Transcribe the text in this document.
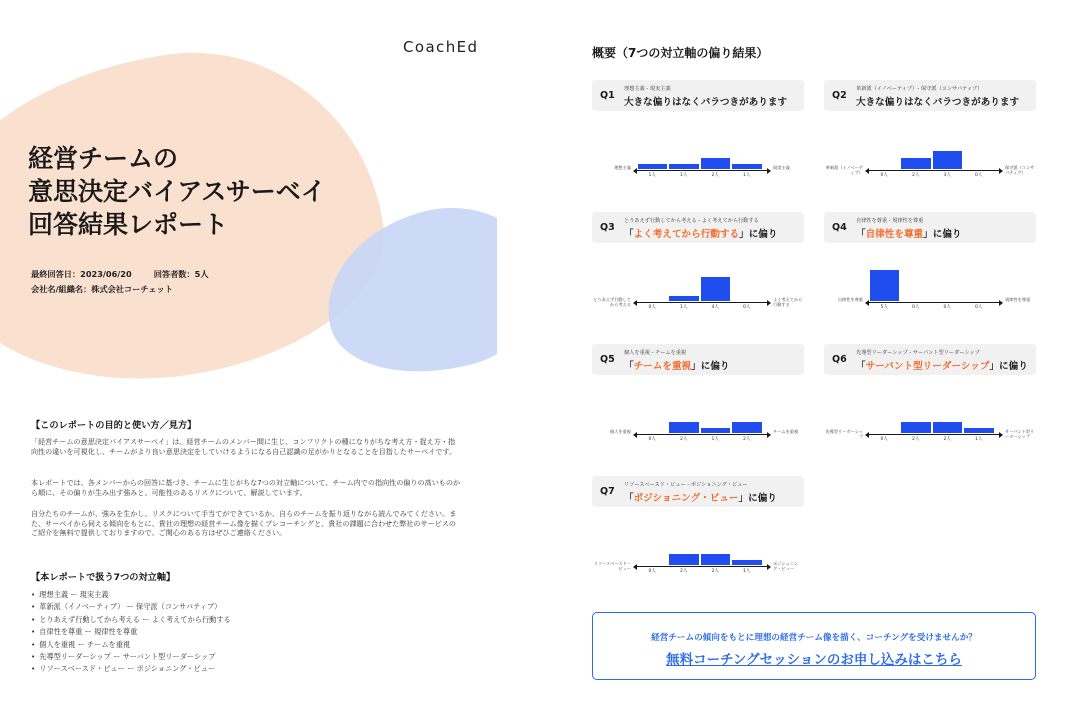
CoachEd
経営チームの
意思決定バイアスサーベイ
回答結果レポート
最終回答日：2023/06/20	回答者数：5人
会社名/組織名：株式会社コーチェット
【このレポートの目的と使い方／見方】

「経営チームの意思決定バイアスサーベイ」は、経営チームのメンバー間に生じ、コンフリクトの種になりがちな考え方・捉え方・指向性の違いを可視化し、チームがより良い意思決定をしていけるようになる自己認識の足がかりとなることを目指したサーベイです。

本レポートでは、各メンバーからの回答に基づき、チームに生じがちな7つの対立軸について、チーム内での指向性の偏りの高いものから順に、その偏りが生み出す強みと、可能性のあるリスクについて、解説しています。

自分たちのチームが、強みを生かし、リスクについて手当てができているか、自らのチームを振り返りながら読んでみてください。また、サーベイから伺える傾向をもとに、貴社の理想の経営チーム像を描くプレコーチングと、貴社の課題に合わせた弊社のサービスのご紹介を無料で提供しておりますので、ご関心のある方はぜひご連絡ください。

【本レポートで扱う7つの対立軸】
• 理想主義 ー 現実主義
• 革新派（イノベーティブ） ー 保守派（コンサバティブ）
• とりあえず行動してから考える ー よく考えてから行動する
• 自律性を尊重 ー 規律性を尊重
• 個人を重視 ー チームを重視
• 先導型リーダーシップ ー サーバント型リーダーシップ
• リソースベースド・ビュー ー ポジショニング・ビュー
概要（7つの対立軸の偏り結果）
Q1
理想主義 - 現実主義
大きな偏りはなくバラつきがあります
Q2
革新派（イノベーティブ）- 保守派（コンサバティブ）
大きな偏りはなくバラつきがあります
Q3
とりあえず行動してから考える - よく考えてから行動する
「よく考えてから行動する」に偏り
Q4
自律性を尊重 - 規律性を尊重
「自律性を尊重」に偏り
Q5
個人を重視 - チームを重視
「チームを重視」に偏り
Q6
先導型リーダーシップ - サーバント型リーダーシップ
「サーバント型リーダーシップ」に偏り
Q7
リソースベースド・ビュー - ポジショニング・ビュー
「ポジショニング・ビュー」に偏り
1人	1人	2人	1人
理想主義	現実主義
0人	2人	3人	0人
革新派（イノベーティブ）
保守派（コンサバティブ）
0人	1人	4人	0人
とりあえず行動してから考える
よく考えてから行動する
5人	0人	0人	0人
自律性を尊重	規律性を尊重
0人	2人	1人	2人
個人を重視	チームを重視
0人	2人	2人	1人
先導型リーダーシップ
サーバント型リーダーシップ
0人	2人	2人	1人
リソースベースド・ビュー
ポジショニング・ビュー
経営チームの傾向をもとに理想の経営チーム像を描く、コーチングを受けませんか？
無料コーチングセッションのお申し込みはこちら
